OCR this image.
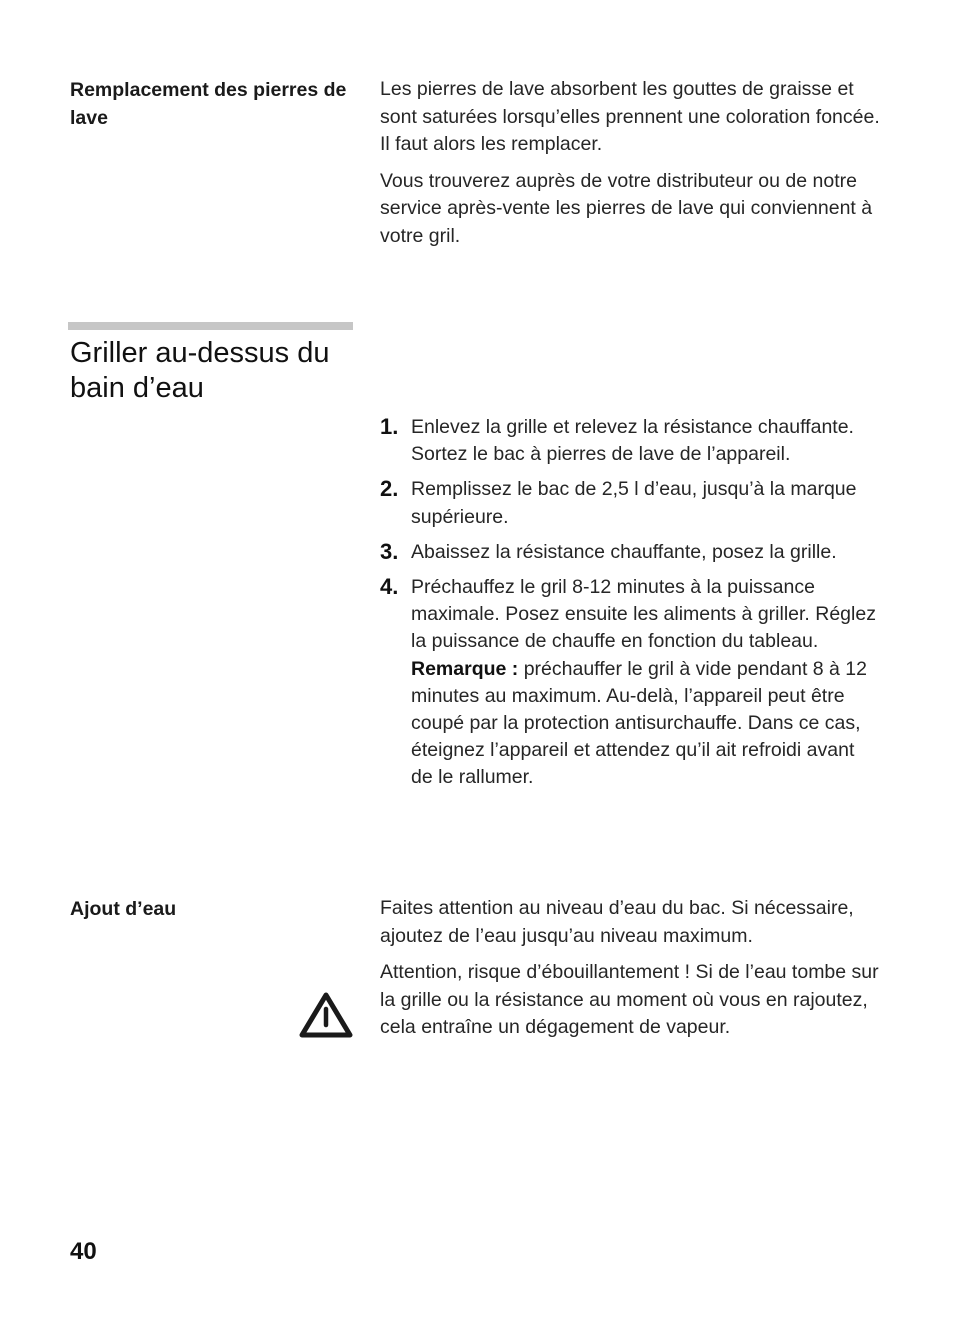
Remplacement des pierres de lave

Les pierres de lave absorbent les gouttes de graisse et sont saturées lorsqu’elles prennent une coloration foncée. Il faut alors les remplacer.

Vous trouverez auprès de votre distributeur ou de notre service après-vente les pierres de lave qui conviennent à votre gril.

Griller au-dessus du bain d’eau
1. Enlevez la grille et relevez la résistance chauffante. Sortez le bac à pierres de lave de l’appareil.
2. Remplissez le bac de 2,5 l d’eau, jusqu’à la marque supérieure.
3. Abaissez la résistance chauffante, posez la grille.
4. Préchauffez le gril 8-12 minutes à la puissance maximale. Posez ensuite les aliments à griller. Réglez la puissance de chauffe en fonction du tableau.
Remarque : préchauffer le gril à vide pendant 8 à 12 minutes au maximum. Au-delà, l’appareil peut être coupé par la protection antisurchauffe. Dans ce cas, éteignez l’appareil et attendez qu’il ait refroidi avant de le rallumer.
Ajout d’eau	Faites attention au niveau d’eau du bac. Si nécessaire, ajoutez de l’eau jusqu’au niveau maximum.

Attention, risque d’ébouillantement ! Si de l’eau tombe sur la grille ou la résistance au moment où vous en rajoutez, cela entraîne un dégagement de vapeur.

40
